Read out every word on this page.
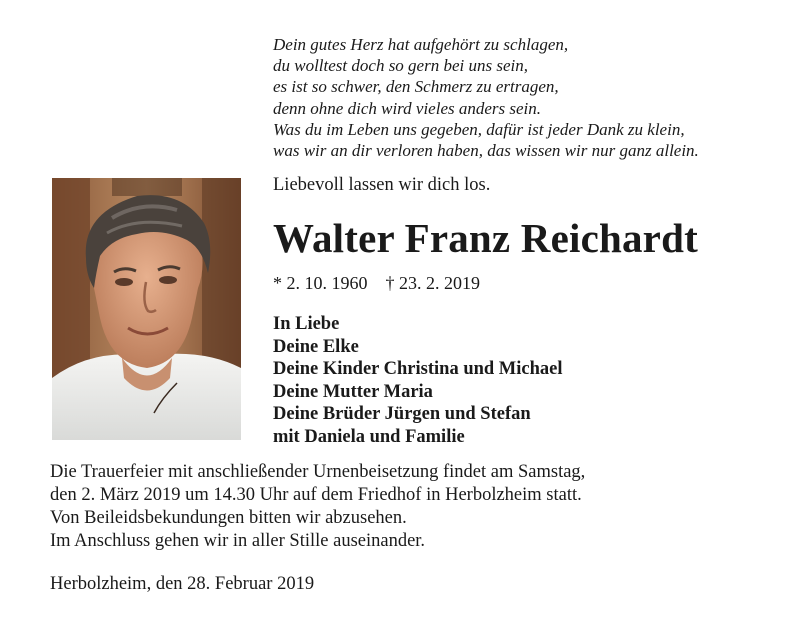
Dein gutes Herz hat aufgehört zu schlagen,
du wolltest doch so gern bei uns sein,
es ist so schwer, den Schmerz zu ertragen,
denn ohne dich wird vieles anders sein.
Was du im Leben uns gegeben, dafür ist jeder Dank zu klein,
was wir an dir verloren haben, das wissen wir nur ganz allein.
Liebevoll lassen wir dich los.
Walter Franz Reichardt
* 2. 10. 1960 † 23. 2. 2019
In Liebe
Deine Elke
Deine Kinder Christina und Michael
Deine Mutter Maria
Deine Brüder Jürgen und Stefan
mit Daniela und Familie
Die Trauerfeier mit anschließender Urnenbeisetzung findet am Samstag,
den 2. März 2019 um 14.30 Uhr auf dem Friedhof in Herbolzheim statt.
Von Beileidsbekundungen bitten wir abzusehen.
Im Anschluss gehen wir in aller Stille auseinander.
Herbolzheim, den 28. Februar 2019
